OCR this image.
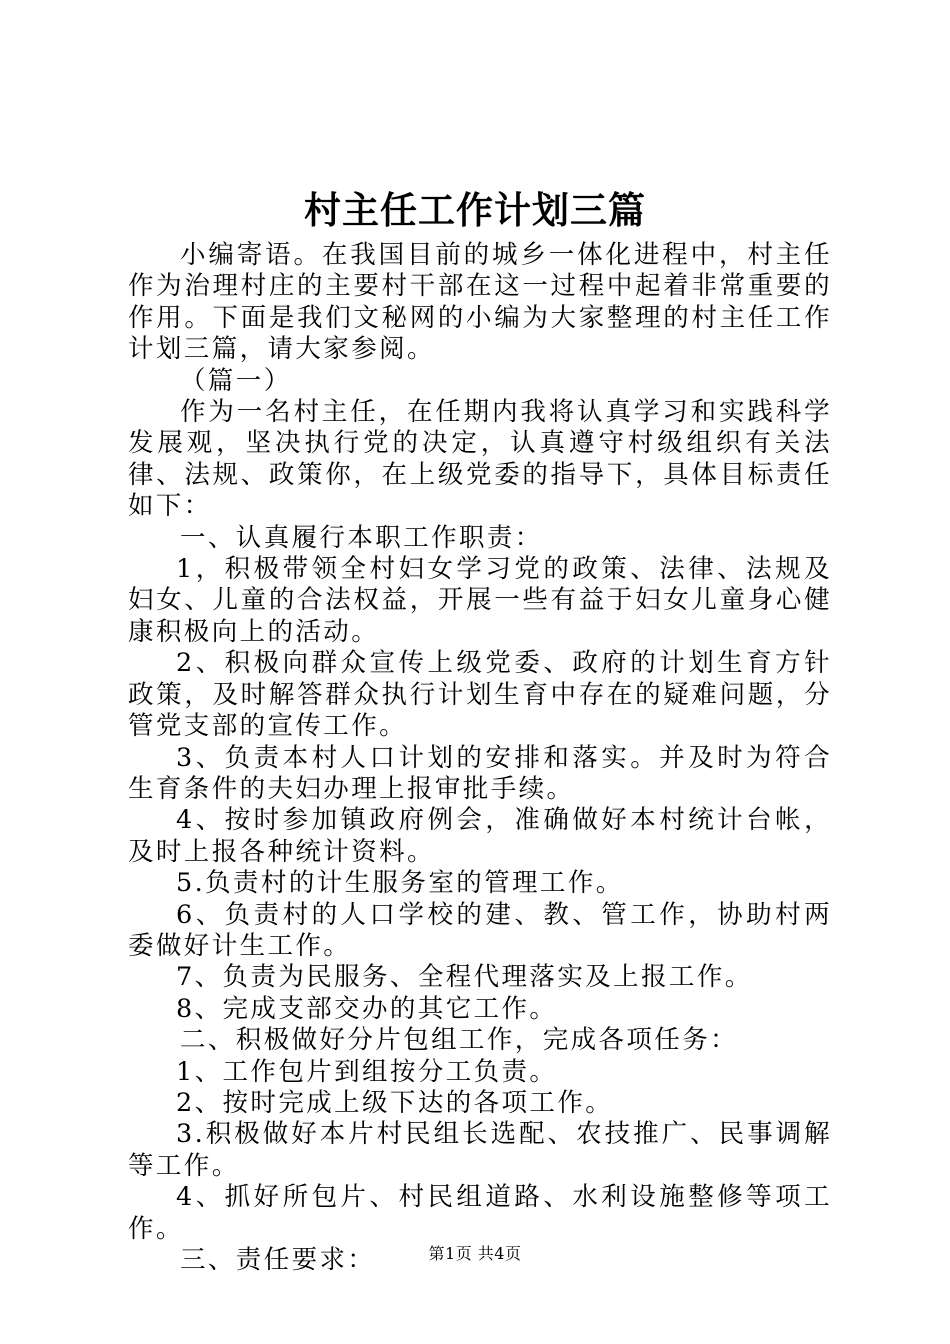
村主任工作计划三篇

小编寄语。在我国目前的城乡一体化进程中，村主任作为治理村庄的主要村干部在这一过程中起着非常重要的作用。下面是我们文秘网的小编为大家整理的村主任工作计划三篇，请大家参阅。

（篇一）

作为一名村主任，在任期内我将认真学习和实践科学发展观，坚决执行党的决定，认真遵守村级组织有关法律、法规、政策你，在上级党委的指导下，具体目标责任如下：

一、认真履行本职工作职责：

1，积极带领全村妇女学习党的政策、法律、法规及妇女、儿童的合法权益，开展一些有益于妇女儿童身心健康积极向上的活动。

2、积极向群众宣传上级党委、政府的计划生育方针政策，及时解答群众执行计划生育中存在的疑难问题，分管党支部的宣传工作。

3、负责本村人口计划的安排和落实。并及时为符合生育条件的夫妇办理上报审批手续。

4、按时参加镇政府例会，准确做好本村统计台帐，及时上报各种统计资料。

5.负责村的计生服务室的管理工作。

6、负责村的人口学校的建、教、管工作，协助村两委做好计生工作。

7、负责为民服务、全程代理落实及上报工作。

8、完成支部交办的其它工作。

二、积极做好分片包组工作，完成各项任务：

1、工作包片到组按分工负责。

2、按时完成上级下达的各项工作。

3.积极做好本片村民组长选配、农技推广、民事调解等工作。

4、抓好所包片、村民组道路、水利设施整修等项工作。

三、责任要求：	第1页 共4页
